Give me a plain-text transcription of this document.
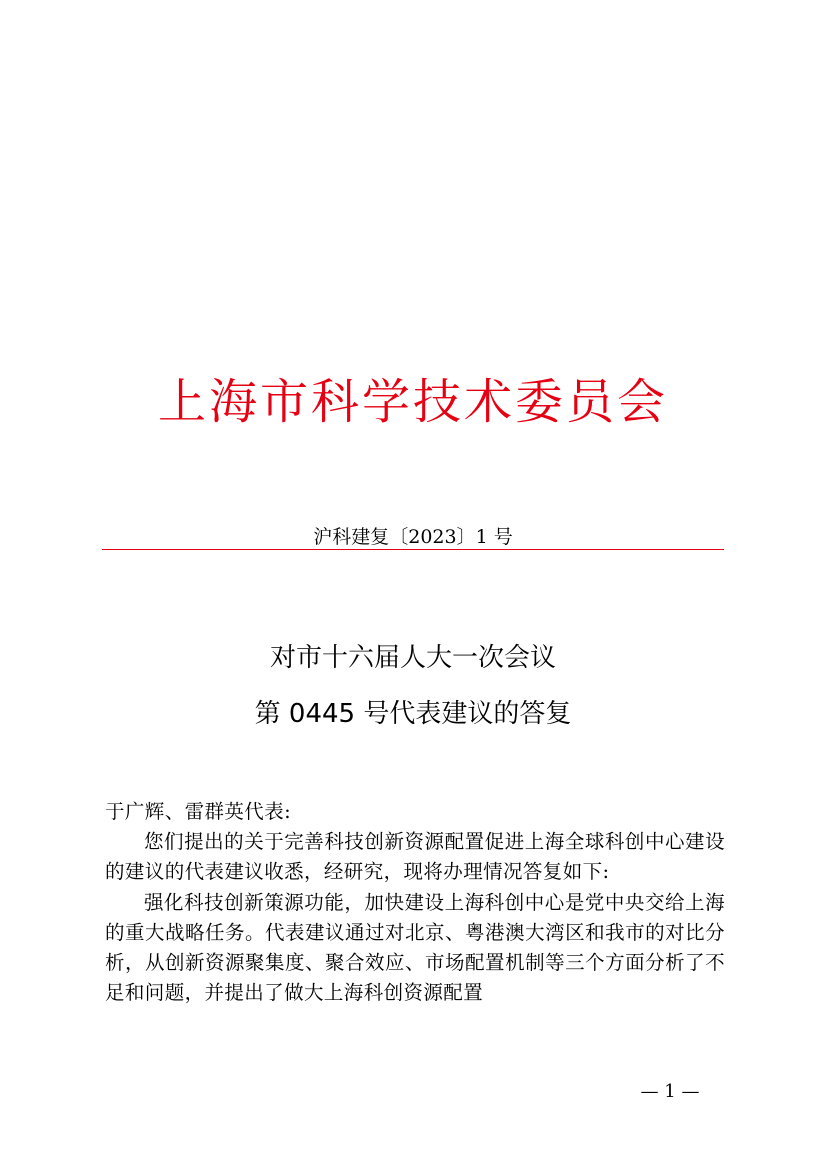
上海市科学技术委员会
沪科建复〔2023〕1 号
对市十六届人大一次会议
第 0445 号代表建议的答复

于广辉、雷群英代表:

您们提出的关于完善科技创新资源配置促进上海全球科创中心建设的建议的代表建议收悉，经研究，现将办理情况答复如下:

强化科技创新策源功能，加快建设上海科创中心是党中央交给上海的重大战略任务。代表建议通过对北京、粤港澳大湾区和我市的对比分析，从创新资源聚集度、聚合效应、市场配置机制等三个方面分析了不足和问题，并提出了做大上海科创资源配置

— 1 —
